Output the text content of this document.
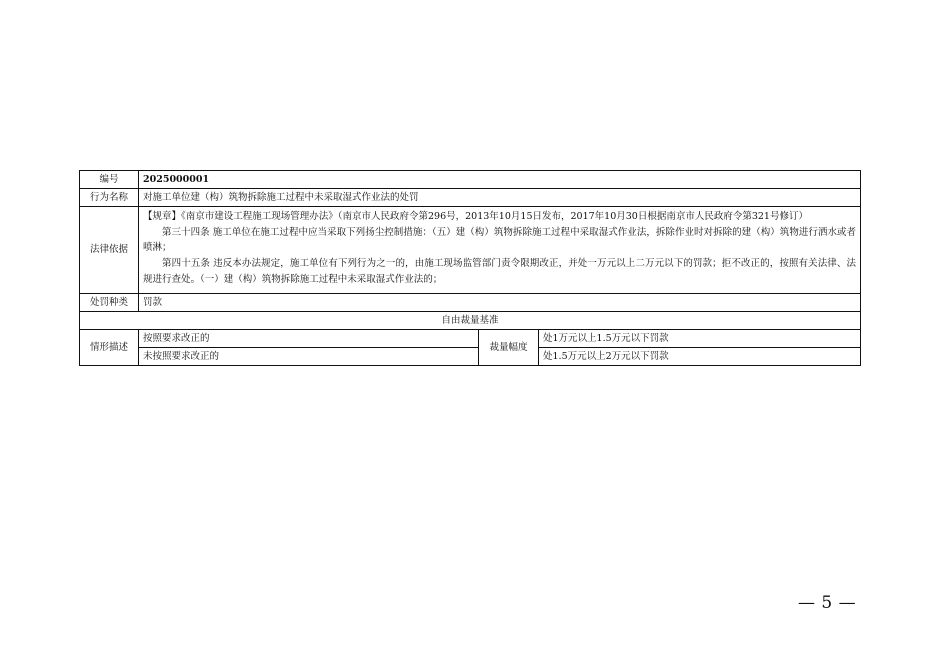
编号	2025000001		
行为名称	对施工单位建（构）筑物拆除施工过程中未采取湿式作业法的处罚		
法律依据	【规章】《南京市建设工程施工现场管理办法》（南京市人民政府令第296号，2013年10月15日发布，2017年10月30日根据南京市人民政府令第321号修订）

第三十四条 施工单位在施工过程中应当采取下列扬尘控制措施：（五）建（构）筑物拆除施工过程中采取湿式作业法，拆除作业时对拆除的建（构）筑物进行洒水或者喷淋；

第四十五条 违反本办法规定，施工单位有下列行为之一的，由施工现场监管部门责令限期改正，并处一万元以上二万元以下的罚款；拒不改正的，按照有关法律、法规进行查处。（一）建（构）筑物拆除施工过程中未采取湿式作业法的；		

处罚种类	罚款		
自由裁量基准			
情形描述	按照要求改正的	裁量幅度	处1万元以上1.5万元以下罚款
	未按照要求改正的		处1.5万元以上2万元以下罚款
— 5 —
